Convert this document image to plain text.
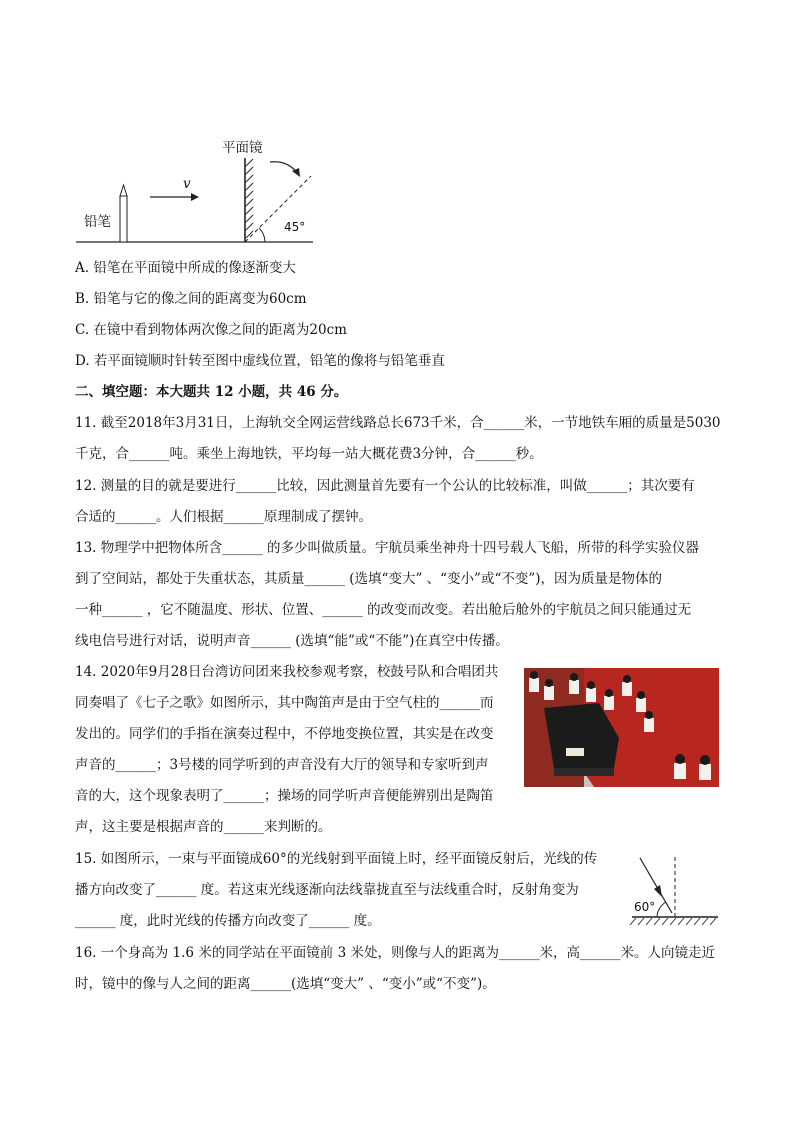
平面镜
铅笔
v
45°
A. 铅笔在平面镜中所成的像逐渐变大
B. 铅笔与它的像之间的距离变为60cm
C. 在镜中看到物体两次像之间的距离为20cm
D. 若平面镜顺时针转至图中虚线位置，铅笔的像将与铅笔垂直
二、填空题：本大题共 12 小题，共 46 分。
11. 截至2018年3月31日，上海轨交全网运营线路总长673千米，合______米，一节地铁车厢的质量是5030
千克，合______吨。乘坐上海地铁，平均每一站大概花费3分钟，合______秒。
12. 测量的目的就是要进行______比较，因此测量首先要有一个公认的比较标准，叫做______；其次要有
合适的______。人们根据______原理制成了摆钟。
13. 物理学中把物体所含______ 的多少叫做质量。宇航员乘坐神舟十四号载人飞船，所带的科学实验仪器
到了空间站，都处于失重状态，其质量______ (选填“变大” 、“变小”或“不变”)，因为质量是物体的
一种______ ，它不随温度、形状、位置、______ 的改变而改变。若出舱后舱外的宇航员之间只能通过无
线电信号进行对话，说明声音______ (选填“能”或“不能”)在真空中传播。
14. 2020年9月28日台湾访问团来我校参观考察，校鼓号队和合唱团共
同奏唱了《七子之歌》如图所示，其中陶笛声是由于空气柱的______而
发出的。同学们的手指在演奏过程中，不停地变换位置，其实是在改变
声音的______；3号楼的同学听到的声音没有大厅的领导和专家听到声
音的大，这个现象表明了______；操场的同学听声音便能辨别出是陶笛
声，这主要是根据声音的______来判断的。
15. 如图所示，一束与平面镜成60°的光线射到平面镜上时，经平面镜反射后，光线的传
播方向改变了______ 度。若这束光线逐渐向法线靠拢直至与法线重合时，反射角变为
______ 度，此时光线的传播方向改变了______ 度。
60°
16. 一个身高为 1.6 米的同学站在平面镜前 3 米处，则像与人的距离为______米，高______米。人向镜走近
时，镜中的像与人之间的距离______(选填“变大” 、“变小”或“不变”)。
